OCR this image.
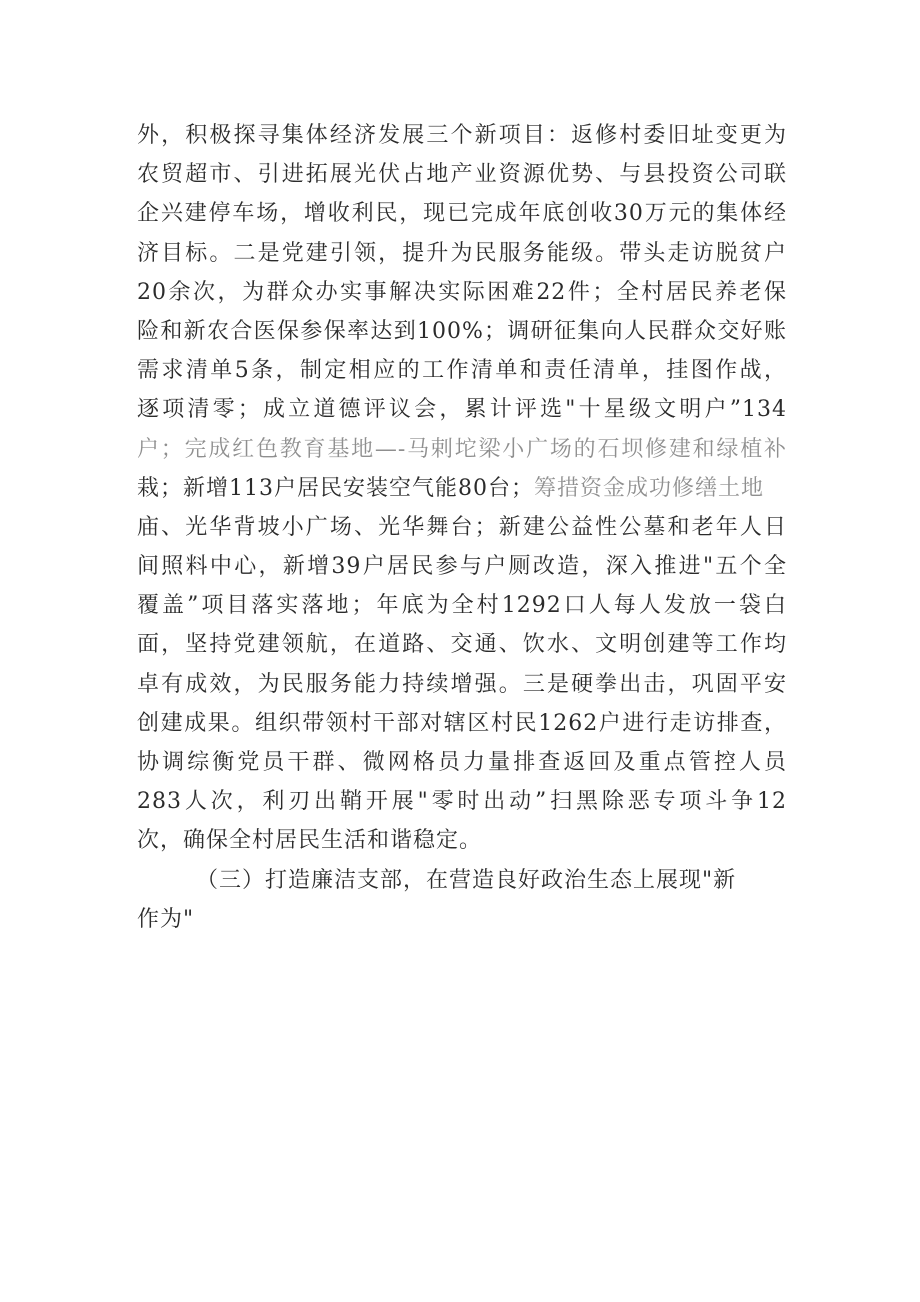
外，积极探寻集体经济发展三个新项目：返修村委旧址变更为
农贸超市、引进拓展光伏占地产业资源优势、与县投资公司联
企兴建停车场，增收利民，现已完成年底创收30万元的集体经
济目标。二是党建引领，提升为民服务能级。带头走访脱贫户
20余次，为群众办实事解决实际困难22件；全村居民养老保
险和新农合医保参保率达到100%；调研征集向人民群众交好账
需求清单5条，制定相应的工作清单和责任清单，挂图作战，
逐项清零；成立道德评议会，累计评选"十星级文明户”134
户；完成红色教育基地—-马剌坨梁小广场的石坝修建和绿植补
栽；新增113户居民安装空气能80台；筹措资金成功修缮土地
庙、光华背坡小广场、光华舞台；新建公益性公墓和老年人日
间照料中心，新增39户居民参与户厕改造，深入推进"五个全
覆盖”项目落实落地；年底为全村1292口人每人发放一袋白
面，坚持党建领航，在道路、交通、饮水、文明创建等工作均
卓有成效，为民服务能力持续增强。三是硬拳出击，巩固平安
创建成果。组织带领村干部对辖区村民1262户进行走访排查，
协调综衡党员干群、微网格员力量排查返回及重点管控人员
283人次，利刃出鞘开展"零时出动”扫黑除恶专项斗争12
次，确保全村居民生活和谐稳定。
（三）打造廉洁支部，在营造良好政治生态上展现"新
作为"
